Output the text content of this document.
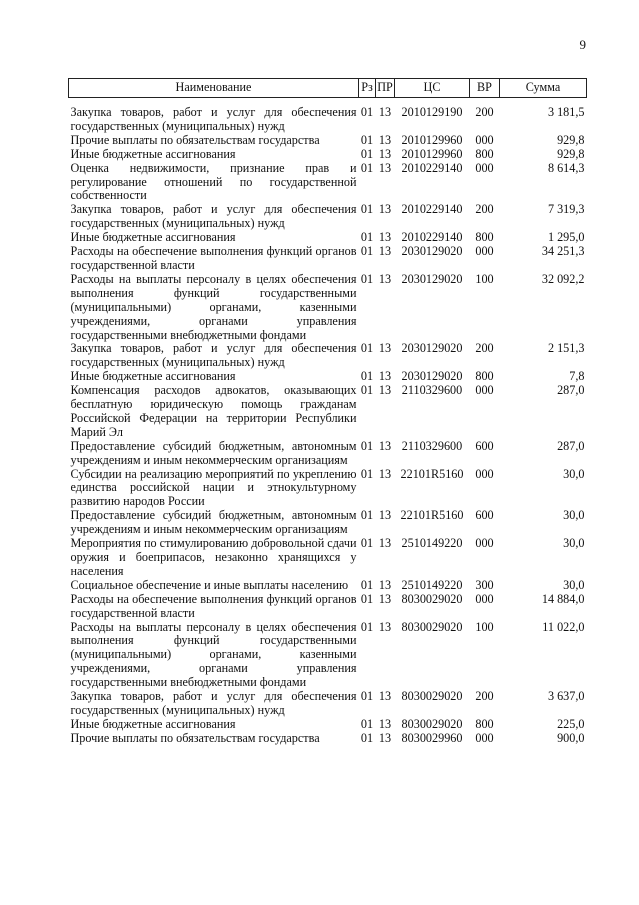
9
Наименование	Рз	ПР	ЦС	ВР	Сумма

Закупка товаров, работ и услуг для обеспечения государственных (муниципальных) нужд	01	13	2010129190	200	3 181,5
Прочие выплаты по обязательствам государства	01	13	2010129960	000	929,8
Иные бюджетные ассигнования	01	13	2010129960	800	929,8
Оценка недвижимости, признание прав и регулирование отношений по государственной собственности	01	13	2010229140	000	8 614,3
Закупка товаров, работ и услуг для обеспечения государственных (муниципальных) нужд	01	13	2010229140	200	7 319,3
Иные бюджетные ассигнования	01	13	2010229140	800	1 295,0
Расходы на обеспечение выполнения функций органов государственной власти	01	13	2030129020	000	34 251,3
Расходы на выплаты персоналу в целях обеспечения выполнения функций государственными (муниципальными) органами, казенными учреждениями, органами управления государственными внебюджетными фондами	01	13	2030129020	100	32 092,2
Закупка товаров, работ и услуг для обеспечения государственных (муниципальных) нужд	01	13	2030129020	200	2 151,3
Иные бюджетные ассигнования	01	13	2030129020	800	7,8
Компенсация расходов адвокатов, оказывающих бесплатную юридическую помощь гражданам Российской Федерации на территории Республики Марий Эл	01	13	2110329600	000	287,0
Предоставление субсидий бюджетным, автономным учреждениям и иным некоммерческим организациям	01	13	2110329600	600	287,0
Субсидии на реализацию мероприятий по укреплению единства российской нации и этнокультурному развитию народов России	01	13	22101R5160	000	30,0
Предоставление субсидий бюджетным, автономным учреждениям и иным некоммерческим организациям	01	13	22101R5160	600	30,0
Мероприятия по стимулированию добровольной сдачи оружия и боеприпасов, незаконно хранящихся у населения	01	13	2510149220	000	30,0
Социальное обеспечение и иные выплаты населению	01	13	2510149220	300	30,0
Расходы на обеспечение выполнения функций органов государственной власти	01	13	8030029020	000	14 884,0
Расходы на выплаты персоналу в целях обеспечения выполнения функций государственными (муниципальными) органами, казенными учреждениями, органами управления государственными внебюджетными фондами	01	13	8030029020	100	11 022,0
Закупка товаров, работ и услуг для обеспечения государственных (муниципальных) нужд	01	13	8030029020	200	3 637,0
Иные бюджетные ассигнования	01	13	8030029020	800	225,0
Прочие выплаты по обязательствам государства	01	13	8030029960	000	900,0
